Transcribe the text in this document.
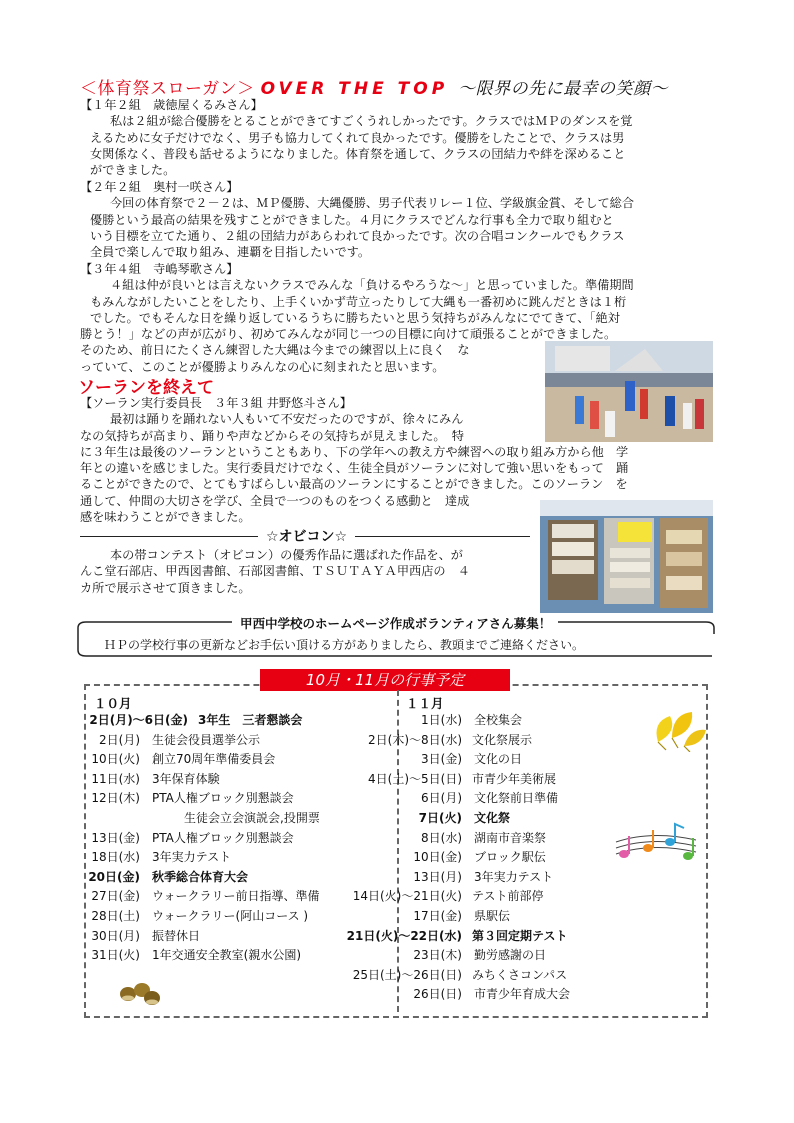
＜体育祭スローガン＞ OVER THE TOP ～限界の先に最幸の笑顔～
【１年２組　歳徳屋くるみさん】
私は２組が総合優勝をとることができてすごくうれしかったです。クラスではＭＰのダンスを覚
えるために女子だけでなく、男子も協力してくれて良かったです。優勝をしたことで、クラスは男
女関係なく、普段も話せるようになりました。体育祭を通して、クラスの団結力や絆を深めること
ができました。
【２年２組　奥村一咲さん】
今回の体育祭で２－２は、ＭＰ優勝、大縄優勝、男子代表リレー１位、学級旗金賞、そして総合
優勝という最高の結果を残すことができました。４月にクラスでどんな行事も全力で取り組むと
いう目標を立てた通り、２組の団結力があらわれて良かったです。次の合唱コンクールでもクラス
全員で楽しんで取り組み、連覇を目指したいです。
【３年４組　寺嶋琴歌さん】
４組は仲が良いとは言えないクラスでみんな「負けるやろうな～」と思っていました。準備期間
もみんながしたいことをしたり、上手くいかず苛立ったりして大縄も一番初めに跳んだときは１桁
でした。でもそんな日を繰り返しているうちに勝ちたいと思う気持ちがみんなにでてきて、「絶対
勝とう！」などの声が広がり、初めてみんなが同じ一つの目標に向けて頑張ることができました。
そのため、前日にたくさん練習した大縄は今までの練習以上に良く　な
っていて、このことが優勝よりみんなの心に刻まれたと思います。
ソーランを終えて
【ソーラン実行委員長　３年３組 井野悠斗さん】
最初は踊りを踊れない人もいて不安だったのですが、徐々にみん
なの気持ちが高まり、踊りや声などからその気持ちが見えました。　特
に３年生は最後のソーランということもあり、下の学年への教え方や練習への取り組み方から他　学
年との違いを感じました。実行委員だけでなく、生徒全員がソーランに対して強い思いをもって　踊
ることができたので、とてもすばらしい最高のソーランにすることができました。このソーラン　を
通して、仲間の大切さを学び、全員で一つのものをつくる感動と　達成
感を味わうことができました。
☆オビコン☆
本の帯コンテスト（オビコン）の優秀作品に選ばれた作品を、が
んこ堂石部店、甲西図書館、石部図書館、ＴＳＵＴＡＹＡ甲西店の　４
カ所で展示させて頂きました。
甲西中学校のホームページ作成ボランティアさん募集！
ＨＰの学校行事の更新などお手伝い頂ける方がありましたら、教頭までご連絡ください。
10月・11月の行事予定
１０月	１１月
2日(月)～6日(金) 3年生　三者懇談会
2日(月) 生徒会役員選挙公示
10日(火) 創立70周年準備委員会
11日(水) 3年保育体験
12日(木) PTA人権ブロック別懇談会
生徒会立会演説会,投開票
13日(金) PTA人権ブロック別懇談会
18日(水) 3年実力テスト
20日(金) 秋季総合体育大会
27日(金) ウォークラリー前日指導、準備
28日(土) ウォークラリー(阿山コース )
30日(月) 振替休日
31日(火) 1年交通安全教室(親水公園)
1日(水) 全校集会
2日(木)～8日(水) 文化祭展示
3日(金) 文化の日
4日(土)～5日(日) 市青少年美術展
6日(月) 文化祭前日準備
7日(火) 文化祭
8日(水) 湖南市音楽祭
10日(金) ブロック駅伝
13日(月) 3年実力テスト
14日(火)～21日(火) テスト前部停
17日(金) 県駅伝
21日(火)～22日(水) 第３回定期テスト
23日(木) 勤労感謝の日
25日(土)～26日(日) みちくさコンパス
26日(日) 市青少年育成大会
